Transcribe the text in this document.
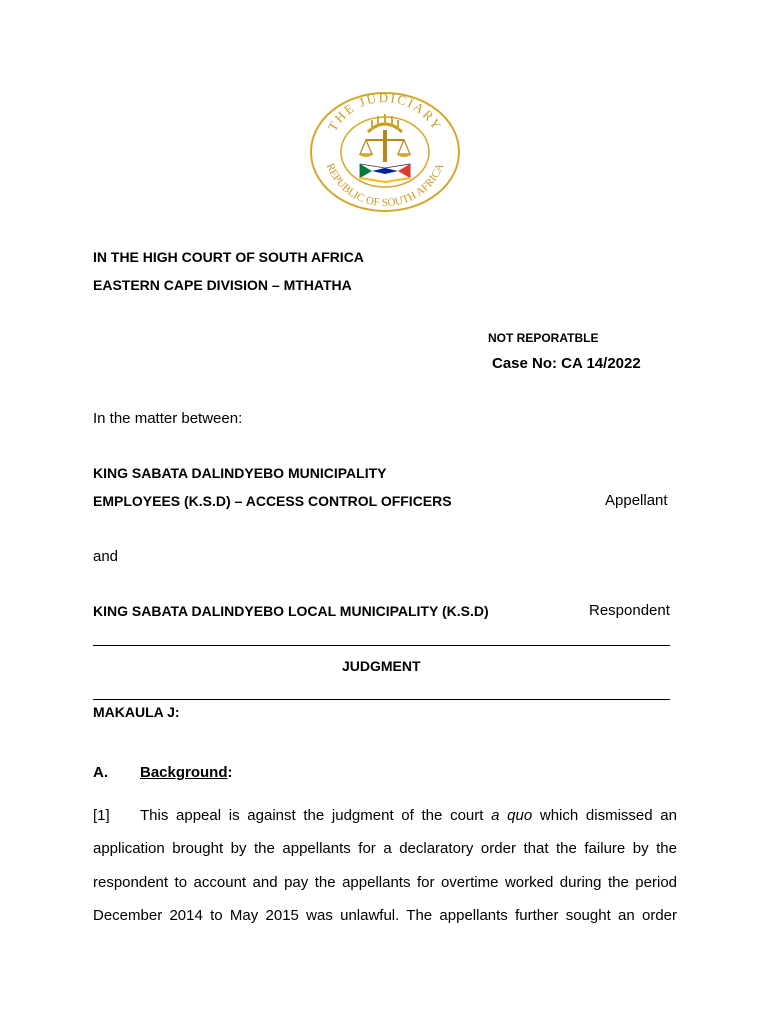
THE JUDICIARY
REPUBLIC OF SOUTH AFRICA
IN THE HIGH COURT OF SOUTH AFRICA
EASTERN CAPE DIVISION – MTHATHA
NOT REPORATBLE
Case No: CA 14/2022
In the matter between:
KING SABATA DALINDYEBO MUNICIPALITY
EMPLOYEES (K.S.D) – ACCESS CONTROL OFFICERS	Appellant
and
KING SABATA DALINDYEBO LOCAL MUNICIPALITY (K.S.D)	Respondent
JUDGMENT
MAKAULA J:
A. Background:
[1] This appeal is against the judgment of the court a quo which dismissed an
application brought by the appellants for a declaratory order that the failure by the
respondent to account and pay the appellants for overtime worked during the period
December 2014 to May 2015 was unlawful. The appellants further sought an order
